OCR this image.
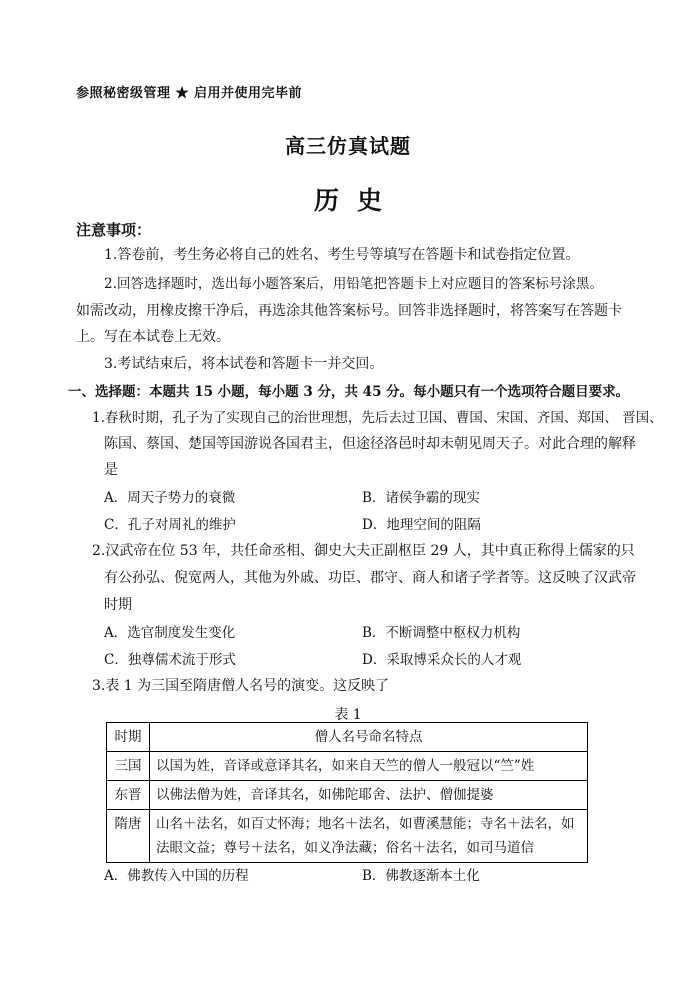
参照秘密级管理 ★ 启用并使用完毕前
高三仿真试题
历史
注意事项：
1.答卷前，考生务必将自己的姓名、考生号等填写在答题卡和试卷指定位置。
2.回答选择题时，选出每小题答案后，用铅笔把答题卡上对应题目的答案标号涂黑。
如需改动，用橡皮擦干净后，再选涂其他答案标号。回答非选择题时，将答案写在答题卡
上。写在本试卷上无效。
3.考试结束后，将本试卷和答题卡一并交回。
一、选择题：本题共 15 小题，每小题 3 分，共 45 分。每小题只有一个选项符合题目要求。
1.春秋时期，孔子为了实现自己的治世理想，先后去过卫国、曹国、宋国、齐国、郑国、 晋国、
陈国、蔡国、楚国等国游说各国君主，但途径洛邑时却未朝见周天子。对此合理的解释
是
A．周天子势力的衰微	B．诸侯争霸的现实
C．孔子对周礼的维护	D．地理空间的阻隔
2.汉武帝在位 53 年，共任命丞相、御史大夫正副枢臣 29 人，其中真正称得上儒家的只
有公孙弘、倪宽两人，其他为外戚、功臣、郡守、商人和诸子学者等。这反映了汉武帝
时期
A．选官制度发生变化	B．不断调整中枢权力机构
C．独尊儒术流于形式	D．采取博采众长的人才观
3.表 1 为三国至隋唐僧人名号的演变。这反映了
表 1
时期	僧人名号命名特点
三国	以国为姓，音译或意译其名，如来自天竺的僧人一般冠以“竺”姓
东晋	以佛法僧为姓，音译其名，如佛陀耶舍、法护、僧伽提婆
隋唐	山名＋法名，如百丈怀海；地名＋法名，如曹溪慧能；寺名＋法名，如法眼文益；尊号＋法名，如义净法藏；俗名＋法名，如司马道信
A．佛教传入中国的历程	B．佛教逐渐本土化
